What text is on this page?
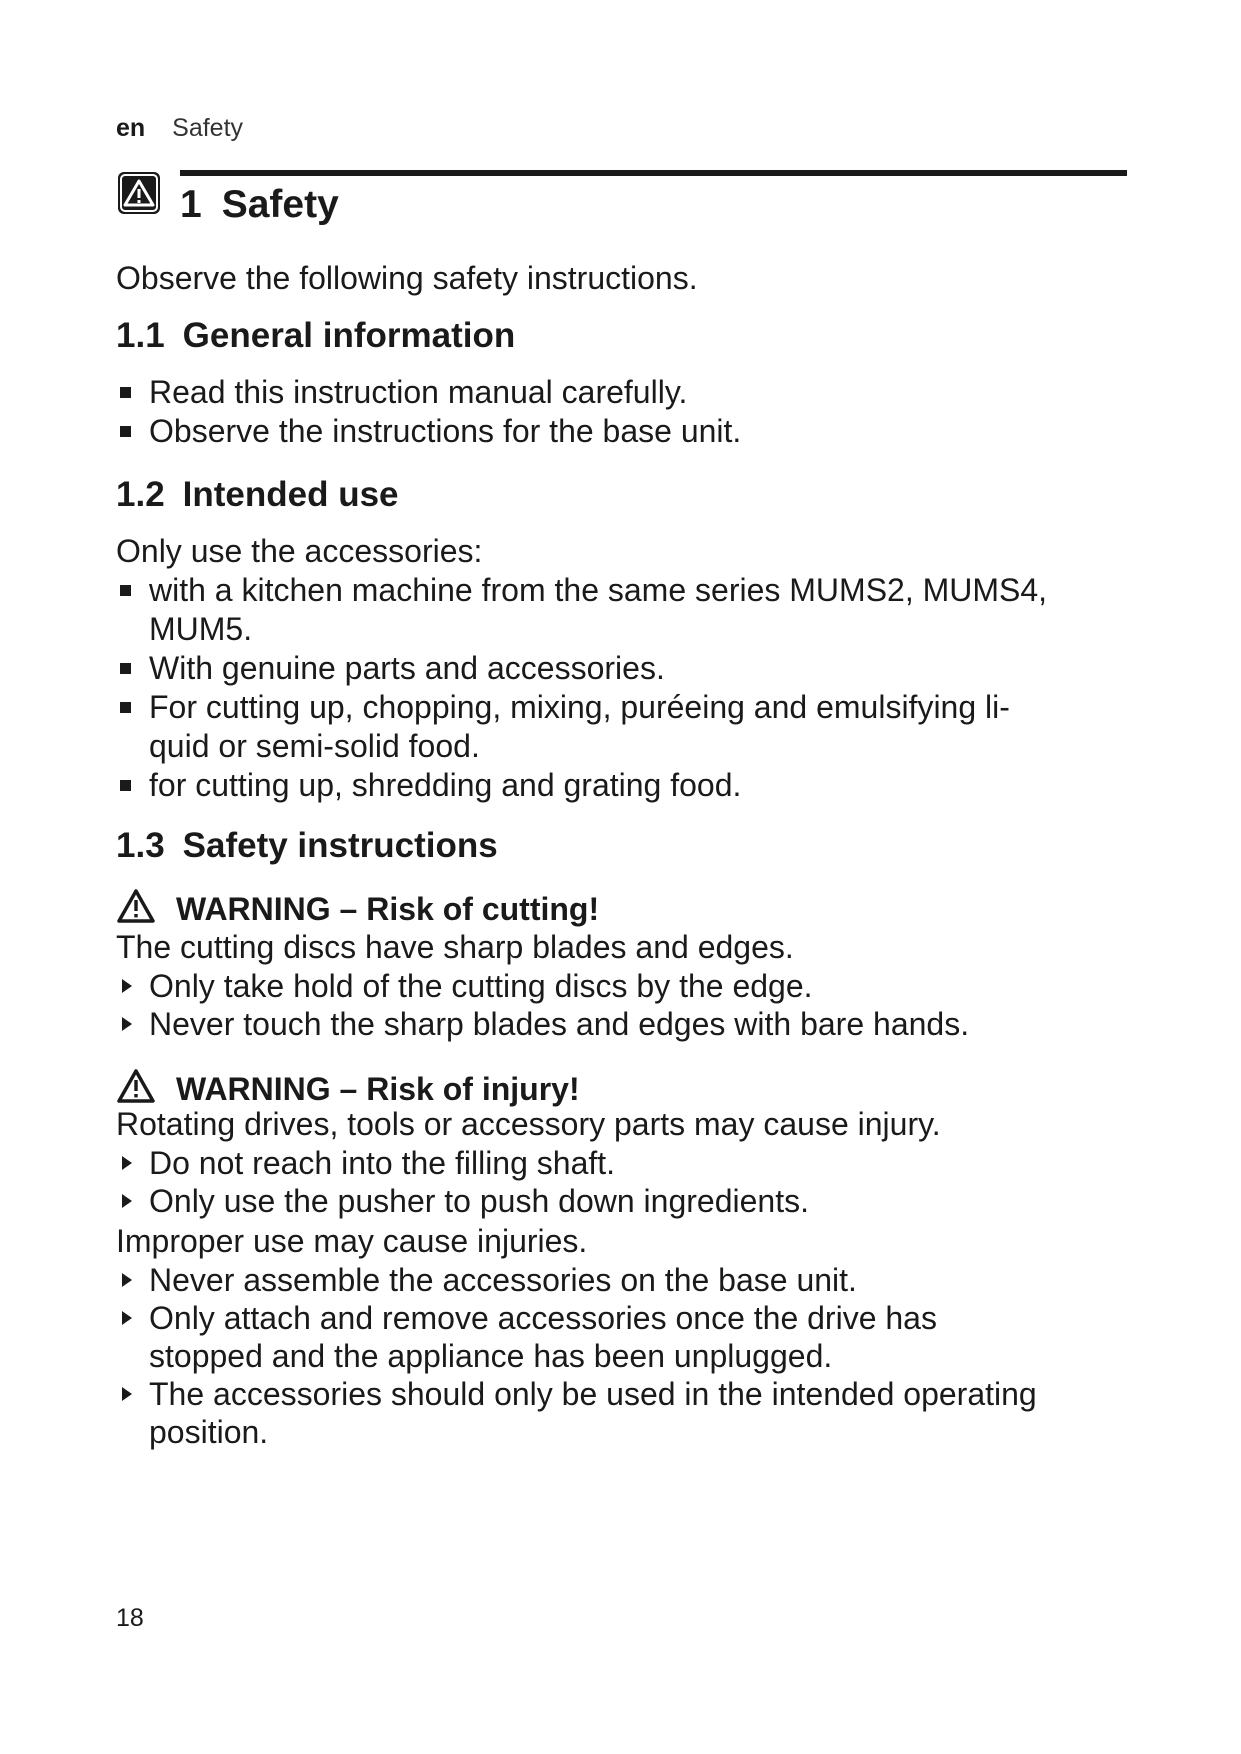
en Safety
1 Safety

Observe the following safety instructions.

1.1 General information
Read this instruction manual carefully.
Observe the instructions for the base unit.
1.2 Intended use

Only use the accessories:

with a kitchen machine from the same series MUMS2, MUMS4,
MUM5.
With genuine parts and accessories.
For cutting up, chopping, mixing, puréeing and emulsifying li-
quid or semi-solid food.
for cutting up, shredding and grating food.
1.3 Safety instructions
WARNING – Risk of cutting!

The cutting discs have sharp blades and edges.

Only take hold of the cutting discs by the edge.
Never touch the sharp blades and edges with bare hands.
WARNING – Risk of injury!

Rotating drives, tools or accessory parts may cause injury.

Do not reach into the filling shaft.
Only use the pusher to push down ingredients.

Improper use may cause injuries.

Never assemble the accessories on the base unit.
Only attach and remove accessories once the drive has
stopped and the appliance has been unplugged.
The accessories should only be used in the intended operating
position.
18
